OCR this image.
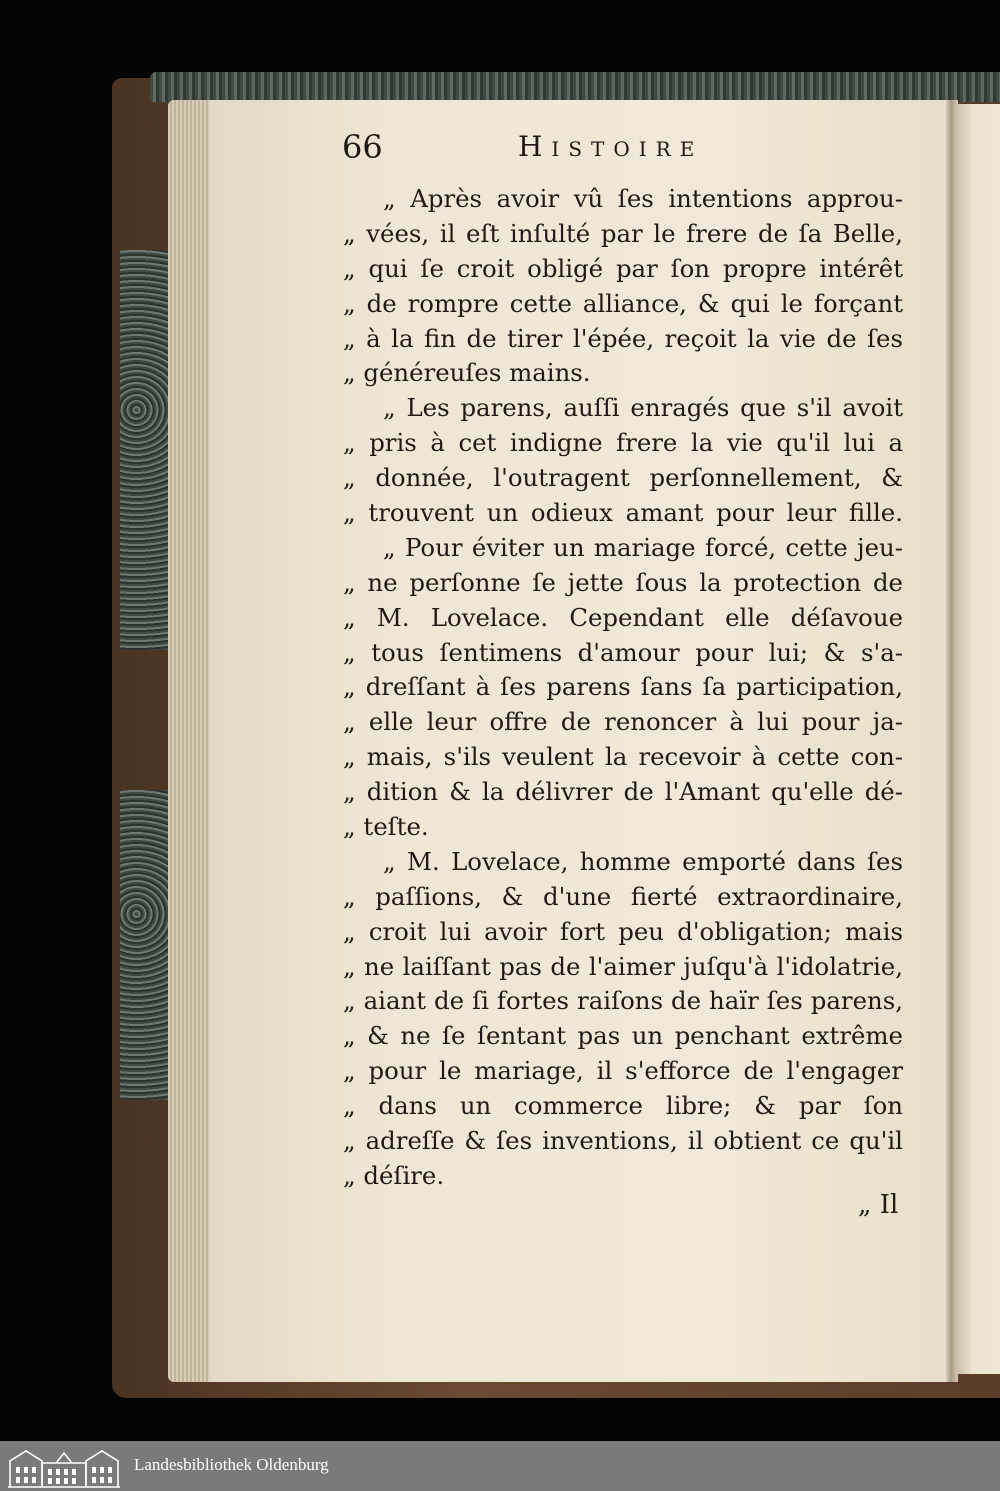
66	Histoire
„ Après avoir vû ſes intentions approu-
„ vées, il eſt inſulté par le frere de ſa Belle,
„ qui ſe croit obligé par ſon propre intérêt
„ de rompre cette alliance, & qui le forçant
„ à la fin de tirer l'épée, reçoit la vie de ſes
„ généreuſes mains.
„ Les parens, auſſi enragés que s'il avoit
„ pris à cet indigne frere la vie qu'il lui a
„ donnée, l'outragent perſonnellement, &
„ trouvent un odieux amant pour leur fille.
„ Pour éviter un mariage forcé, cette jeu-
„ ne perſonne ſe jette ſous la protection de
„ M. Lovelace. Cependant elle déſavoue
„ tous ſentimens d'amour pour lui; & s'a-
„ dreſſant à ſes parens ſans ſa participation,
„ elle leur offre de renoncer à lui pour ja-
„ mais, s'ils veulent la recevoir à cette con-
„ dition & la délivrer de l'Amant qu'elle dé-
„ teſte.
„ M. Lovelace, homme emporté dans ſes
„ paſſions, & d'une fierté extraordinaire,
„ croit lui avoir fort peu d'obligation; mais
„ ne laiſſant pas de l'aimer juſqu'à l'idolatrie,
„ aiant de ſi fortes raiſons de haïr ſes parens,
„ & ne ſe ſentant pas un penchant extrême
„ pour le mariage, il s'efforce de l'engager
„ dans un commerce libre; & par ſon
„ adreſſe & ſes inventions, il obtient ce qu'il
„ déſire.
„ Il
Landesbibliothek Oldenburg
